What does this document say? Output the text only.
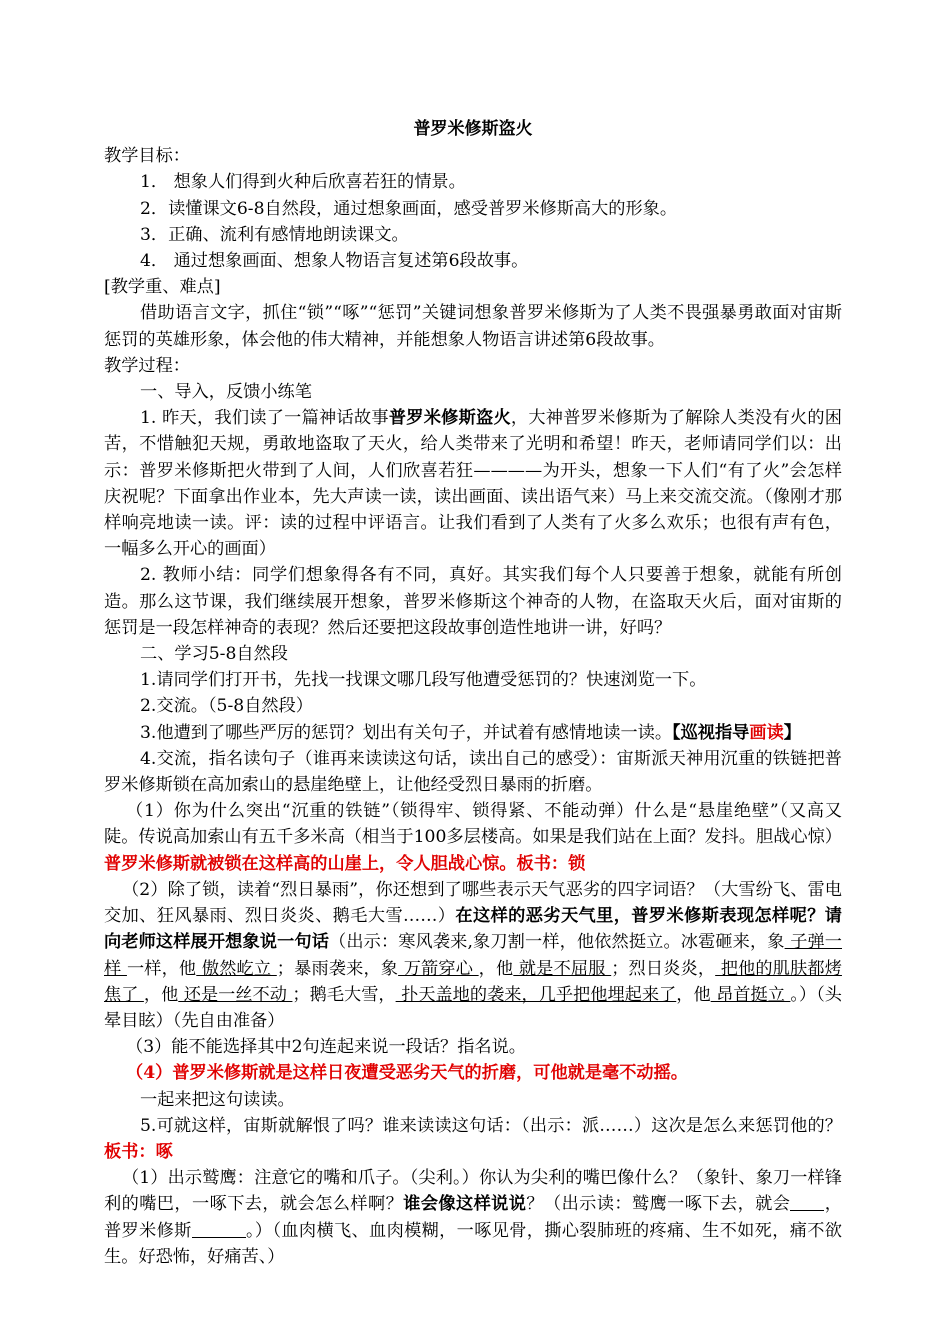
普罗米修斯盗火

教学目标：

1． 想象人们得到火种后欣喜若狂的情景。

2．读懂课文6-8自然段，通过想象画面，感受普罗米修斯高大的形象。

3．正确、流利有感情地朗读课文。

4． 通过想象画面、想象人物语言复述第6段故事。

[教学重、难点]

借助语言文字，抓住“锁”“啄”“惩罚”关键词想象普罗米修斯为了人类不畏强暴勇敢面对宙斯惩罚的英雄形象，体会他的伟大精神，并能想象人物语言讲述第6段故事。

教学过程：

一、导入，反馈小练笔

1. 昨天，我们读了一篇神话故事普罗米修斯盗火，大神普罗米修斯为了解除人类没有火的困苦，不惜触犯天规，勇敢地盗取了天火，给人类带来了光明和希望！昨天，老师请同学们以：出示：普罗米修斯把火带到了人间，人们欣喜若狂————为开头，想象一下人们“有了火”会怎样庆祝呢？下面拿出作业本，先大声读一读，读出画面、读出语气来）马上来交流交流。（像刚才那样响亮地读一读。评：读的过程中评语言。让我们看到了人类有了火多么欢乐；也很有声有色，一幅多么开心的画面）

2. 教师小结：同学们想象得各有不同，真好。其实我们每个人只要善于想象，就能有所创造。那么这节课，我们继续展开想象，普罗米修斯这个神奇的人物，在盗取天火后，面对宙斯的惩罚是一段怎样神奇的表现？然后还要把这段故事创造性地讲一讲，好吗？

二、学习5-8自然段

1.请同学们打开书，先找一找课文哪几段写他遭受惩罚的？快速浏览一下。

2.交流。（5-8自然段）

3.他遭到了哪些严厉的惩罚？划出有关句子，并试着有感情地读一读。【巡视指导画读】

4.交流，指名读句子（谁再来读读这句话，读出自己的感受）：宙斯派天神用沉重的铁链把普罗米修斯锁在高加索山的悬崖绝壁上，让他经受烈日暴雨的折磨。

（1）你为什么突出“沉重的铁链”（锁得牢、锁得紧、不能动弹）什么是“悬崖绝壁”（又高又陡。传说高加索山有五千多米高（相当于100多层楼高。如果是我们站在上面？发抖。胆战心惊）普罗米修斯就被锁在这样高的山崖上，令人胆战心惊。板书：锁

（2）除了锁，读着“烈日暴雨”，你还想到了哪些表示天气恶劣的四字词语？（大雪纷飞、雷电交加、狂风暴雨、烈日炎炎、鹅毛大雪……）在这样的恶劣天气里，普罗米修斯表现怎样呢？请向老师这样展开想象说一句话（出示：寒风袭来,象刀割一样，他依然挺立。冰雹砸来，象 子弹一样 一样，他 傲然屹立 ；暴雨袭来，象 万箭穿心 ，他 就是不屈服 ；烈日炎炎， 把他的肌肤都烤焦了 ，他 还是一丝不动 ；鹅毛大雪， 扑天盖地的袭来，几乎把他埋起来了，他 昂首挺立 。）（头晕目眩）（先自由准备）

（3）能不能选择其中2句连起来说一段话？指名说。

（4）普罗米修斯就是这样日夜遭受恶劣天气的折磨，可他就是毫不动摇。

一起来把这句读读。

5.可就这样，宙斯就解恨了吗？谁来读读这句话：（出示：派……）这次是怎么来惩罚他的？板书：啄

（1）出示鹫鹰：注意它的嘴和爪子。（尖利。）你认为尖利的嘴巴像什么？（象针、象刀一样锋利的嘴巴，一啄下去，就会怎么样啊？谁会像这样说说？（出示读：鹫鹰一啄下去，就会 ，普罗米修斯	。）（血肉横飞、血肉模糊，一啄见骨，撕心裂肺班的疼痛、生不如死，痛不欲生。好恐怖，好痛苦、）
